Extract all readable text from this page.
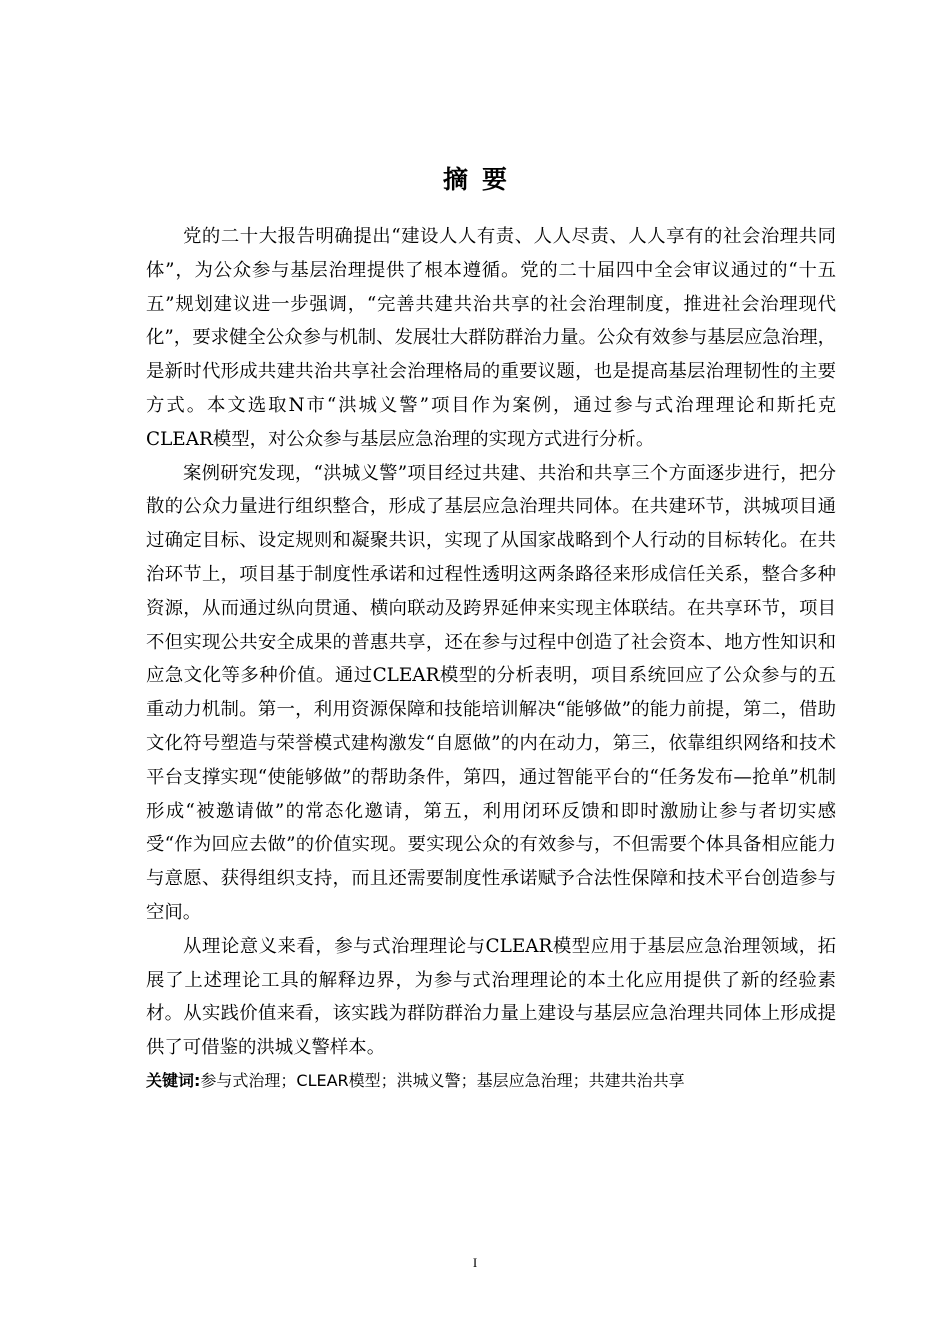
摘要

党的二十大报告明确提出“建设人人有责、人人尽责、人人享有的社会治理共同体”，为公众参与基层治理提供了根本遵循。党的二十届四中全会审议通过的“十五五”规划建议进一步强调，“完善共建共治共享的社会治理制度，推进社会治理现代化”，要求健全公众参与机制、发展壮大群防群治力量。公众有效参与基层应急治理，是新时代形成共建共治共享社会治理格局的重要议题，也是提高基层治理韧性的主要方式。本文选取N市“洪城义警”项目作为案例，通过参与式治理理论和斯托克CLEAR模型，对公众参与基层应急治理的实现方式进行分析。

案例研究发现，“洪城义警”项目经过共建、共治和共享三个方面逐步进行，把分散的公众力量进行组织整合，形成了基层应急治理共同体。在共建环节，洪城项目通过确定目标、设定规则和凝聚共识，实现了从国家战略到个人行动的目标转化。在共治环节上，项目基于制度性承诺和过程性透明这两条路径来形成信任关系，整合多种资源，从而通过纵向贯通、横向联动及跨界延伸来实现主体联结。在共享环节，项目不但实现公共安全成果的普惠共享，还在参与过程中创造了社会资本、地方性知识和应急文化等多种价值。通过CLEAR模型的分析表明，项目系统回应了公众参与的五重动力机制。第一，利用资源保障和技能培训解决“能够做”的能力前提，第二，借助文化符号塑造与荣誉模式建构激发“自愿做”的内在动力，第三，依靠组织网络和技术平台支撑实现“使能够做”的帮助条件，第四，通过智能平台的“任务发布—抢单”机制形成“被邀请做”的常态化邀请，第五，利用闭环反馈和即时激励让参与者切实感受“作为回应去做”的价值实现。要实现公众的有效参与，不但需要个体具备相应能力与意愿、获得组织支持，而且还需要制度性承诺赋予合法性保障和技术平台创造参与空间。

从理论意义来看，参与式治理理论与CLEAR模型应用于基层应急治理领域，拓展了上述理论工具的解释边界，为参与式治理理论的本土化应用提供了新的经验素材。从实践价值来看，该实践为群防群治力量上建设与基层应急治理共同体上形成提供了可借鉴的洪城义警样本。

关键词:参与式治理；CLEAR模型；洪城义警；基层应急治理；共建共治共享
I
